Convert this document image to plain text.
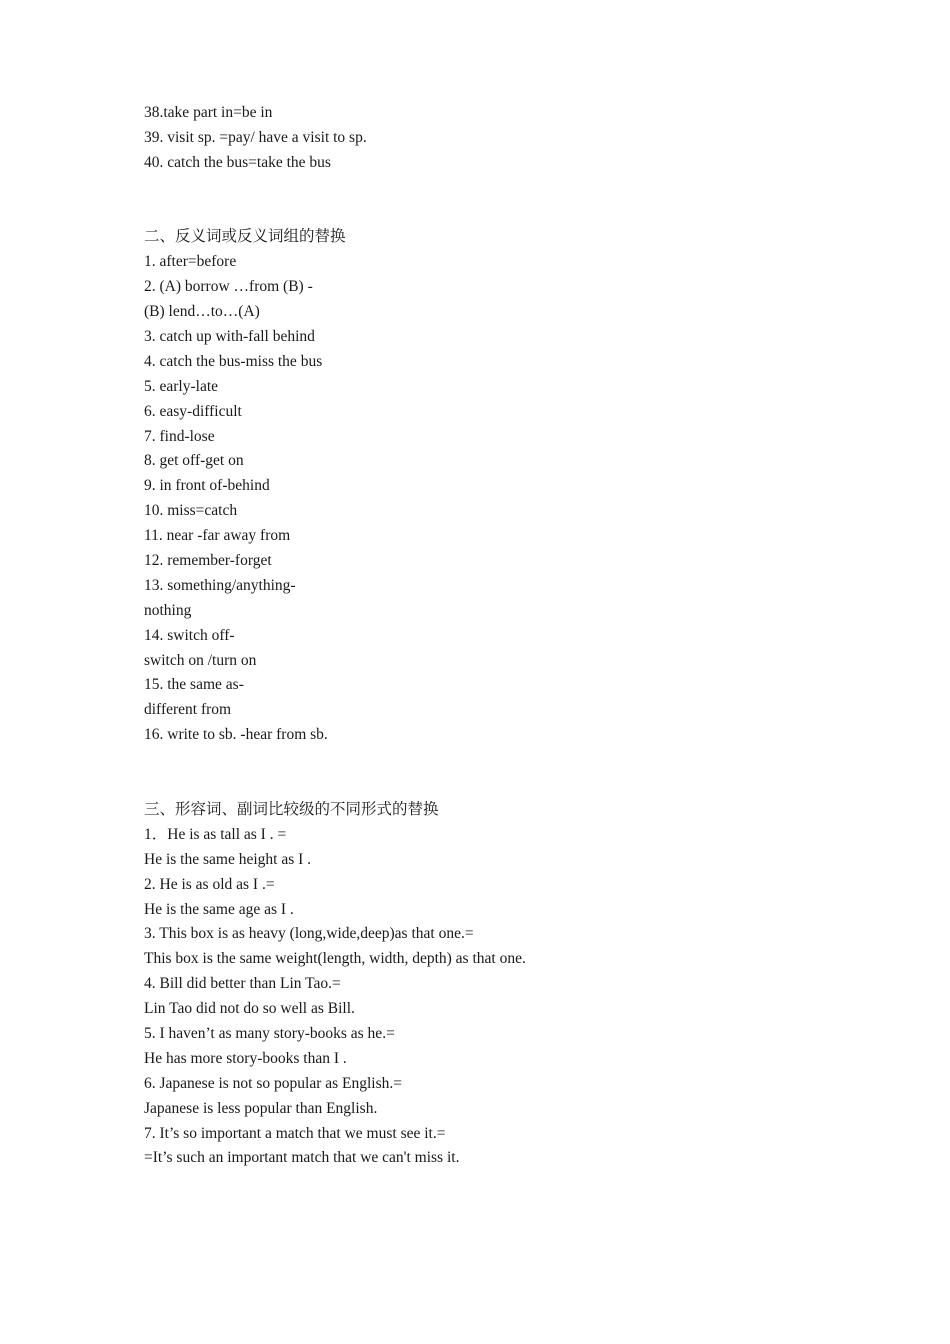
38.take part in=be in
39. visit sp. =pay/ have a visit to sp.
40. catch the bus=take the bus
二、反义词或反义词组的替换
1. after=before
2. (A) borrow …from (B) -
(B) lend…to…(A)
3. catch up with-fall behind
4. catch the bus-miss the bus
5. early-late
6. easy-difficult
7. find-lose
8. get off-get on
9. in front of-behind
10. miss=catch
11. near -far away from
12. remember-forget
13. something/anything-
nothing
14. switch off-
switch on /turn on
15. the same as-
different from
16. write to sb. -hear from sb.
三、形容词、副词比较级的不同形式的替换
1．He is as tall as I . =
He is the same height as I .
2. He is as old as I .=
He is the same age as I .
3. This box is as heavy (long,wide,deep)as that one.=
This box is the same weight(length, width, depth) as that one.
4. Bill did better than Lin Tao.=
Lin Tao did not do so well as Bill.
5. I haven’t as many story-books as he.=
He has more story-books than I .
6. Japanese is not so popular as English.=
Japanese is less popular than English.
7. It’s so important a match that we must see it.=
=It’s such an important match that we can't miss it.
